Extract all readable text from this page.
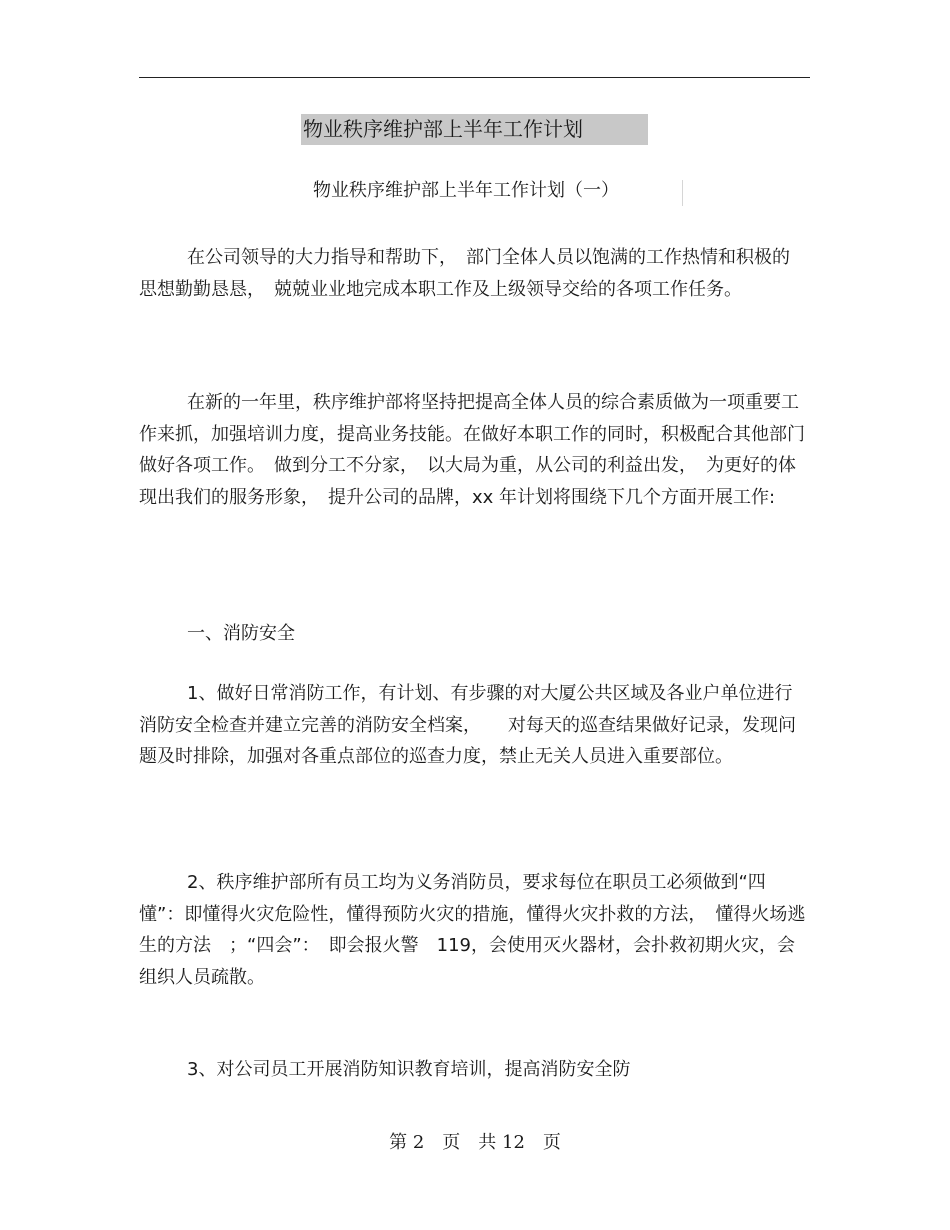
物业秩序维护部上半年工作计划
物业秩序维护部上半年工作计划（一）

在公司领导的大力指导和帮助下，　部门全体人员以饱满的工作热情和积极的思想勤勤恳恳，　兢兢业业地完成本职工作及上级领导交给的各项工作任务。

在新的一年里，秩序维护部将坚持把提高全体人员的综合素质做为一项重要工作来抓，加强培训力度，提高业务技能。在做好本职工作的同时，积极配合其他部门做好各项工作。　做到分工不分家，　以大局为重，从公司的利益出发，　为更好的体现出我们的服务形象，　提升公司的品牌，xx 年计划将围绕下几个方面开展工作:

一、消防安全

1、做好日常消防工作，有计划、有步骤的对大厦公共区域及各业户单位进行消防安全检查并建立完善的消防安全档案，　　对每天的巡查结果做好记录，发现问题及时排除，加强对各重点部位的巡查力度，禁止无关人员进入重要部位。

2、秩序维护部所有员工均为义务消防员，要求每位在职员工必须做到“四懂”：即懂得火灾危险性，懂得预防火灾的措施，懂得火灾扑救的方法，　懂得火场逃生的方法　；“四会”：　即会报火警　119，会使用灭火器材，会扑救初期火灾，会组织人员疏散。

3、对公司员工开展消防知识教育培训，提高消防安全防

第 2　页　共 12　页
